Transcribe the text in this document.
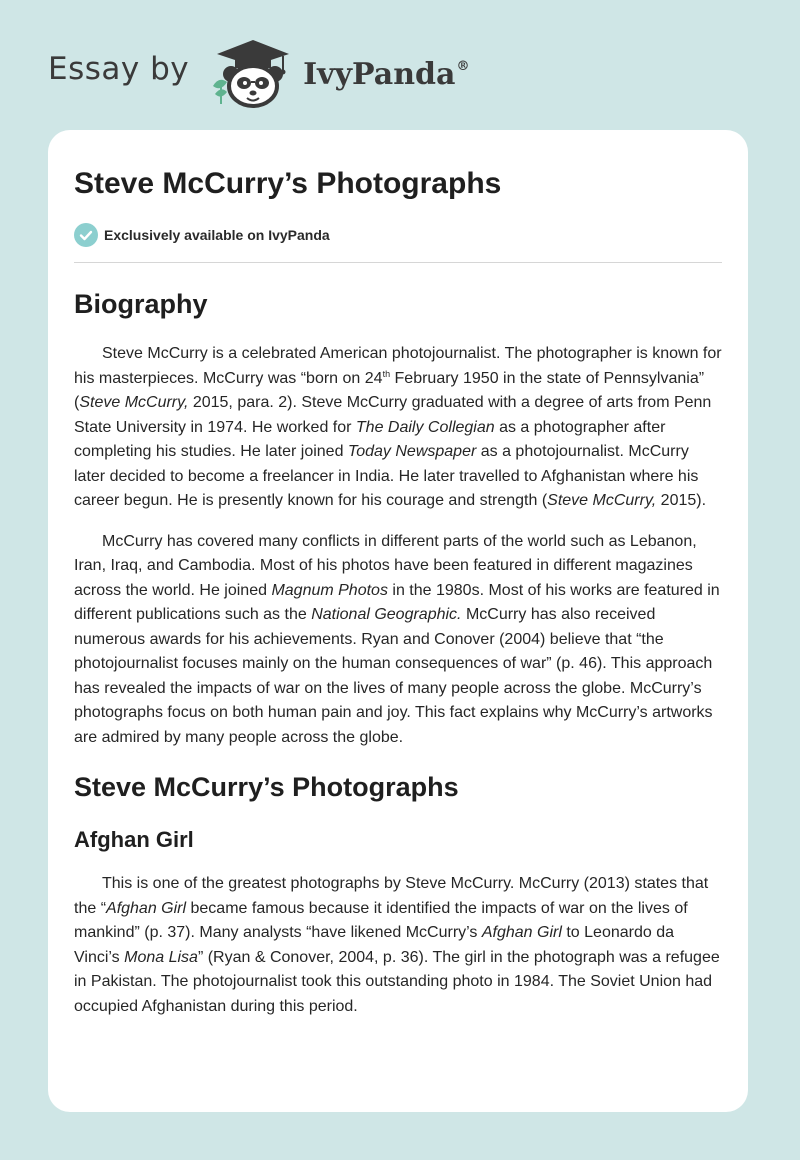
Essay by	IvyPanda®
Steve McCurry’s Photographs
Exclusively available on IvyPanda
Biography

Steve McCurry is a celebrated American photojournalist. The photographer is known for his masterpieces. McCurry was “born on 24th February 1950 in the state of Pennsylvania” (Steve McCurry, 2015, para. 2). Steve McCurry graduated with a degree of arts from Penn State University in 1974. He worked for The Daily Collegian as a photographer after completing his studies. He later joined Today Newspaper as a photojournalist. McCurry later decided to become a freelancer in India. He later travelled to Afghanistan where his career begun. He is presently known for his courage and strength (Steve McCurry, 2015).

McCurry has covered many conflicts in different parts of the world such as Lebanon, Iran, Iraq, and Cambodia. Most of his photos have been featured in different magazines across the world. He joined Magnum Photos in the 1980s. Most of his works are featured in different publications such as the National Geographic. McCurry has also received numerous awards for his achievements. Ryan and Conover (2004) believe that “the photojournalist focuses mainly on the human consequences of war” (p. 46). This approach has revealed the impacts of war on the lives of many people across the globe. McCurry’s photographs focus on both human pain and joy. This fact explains why McCurry’s artworks are admired by many people across the globe.

Steve McCurry’s Photographs
Afghan Girl

This is one of the greatest photographs by Steve McCurry. McCurry (2013) states that the “Afghan Girl became famous because it identified the impacts of war on the lives of mankind” (p. 37). Many analysts “have likened McCurry’s Afghan Girl to Leonardo da Vinci’s Mona Lisa” (Ryan & Conover, 2004, p. 36). The girl in the photograph was a refugee in Pakistan. The photojournalist took this outstanding photo in 1984. The Soviet Union had occupied Afghanistan during this period.
